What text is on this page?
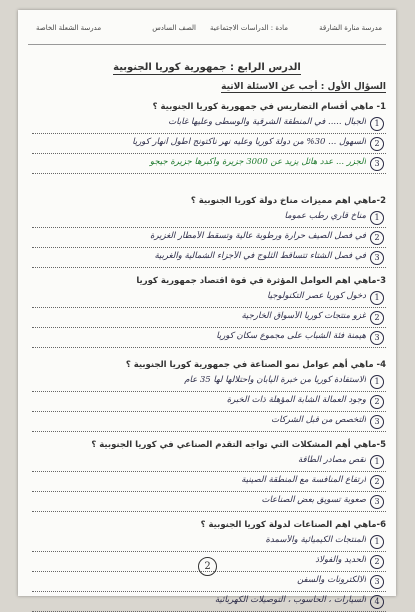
مدرسة منارة الشارقة
مادة : الدراسات الاجتماعية
الصف السادس
مدرسة الشعلة الخاصة
الدرس الرابع : جمهورية كوريا الجنوبية
السؤال الأول : أجب عن الاسئلة الاتية
1- ماهي أقسام التضاريس في جمهورية كوريا الجنوبية ؟
1
الجبال ..... في المنطقة الشرقية والوسطى وعليها غابات
2
السهول ... 30% من دولة كوريا وعليه نهر ناكتونج اطول أنهار كوريا
3
الجزر ... عدد هائل يزيد عن 3000 جزيرة وأكبرها جزيرة جيجو
2-ماهي اهم مميزات مناخ دولة كوريا الجنوبية ؟
1
مناخ قاري رطب عموما
2
في فصل الصيف حرارة ورطوبة عالية وتسقط الأمطار الغزيرة
3
في فصل الشتاء تتساقط الثلوج في الأجزاء الشمالية والغربية
3-ماهي اهم العوامل المؤثرة في قوة اقتصاد جمهورية كوريا
1
دخول كوريا عصر التكنولوجيا
2
غزو منتجات كوريا الأسواق الخارجية
3
هيمنة فئة الشباب على مجموع سكان كوريا
4- ماهي أهم عوامل نمو الصناعة في جمهورية كوريا الجنوبية ؟
1
الاستفادة كوريا من خبرة اليابان واحتلالها لها 35 عام
2
وجود العمالة الشابة المؤهلة ذات الخبرة
3
التخصص من قبل الشركات
5-ماهي أهم المشكلات التي تواجه التقدم الصناعي في كوريا الجنوبية ؟
1
نقص مصادر الطاقة
2
ارتفاع المنافسة مع المنطقة الصينية
3
صعوبة تسويق بعض الصناعات
6-ماهي اهم الصناعات لدولة كوريا الجنوبية ؟
1
المنتجات الكيميائية والأسمدة
2
الحديد والفولاذ
3
الالكترونات والسفن
4
السيارات ، الحاسوب ، التوصيلات الكهربائية
2
